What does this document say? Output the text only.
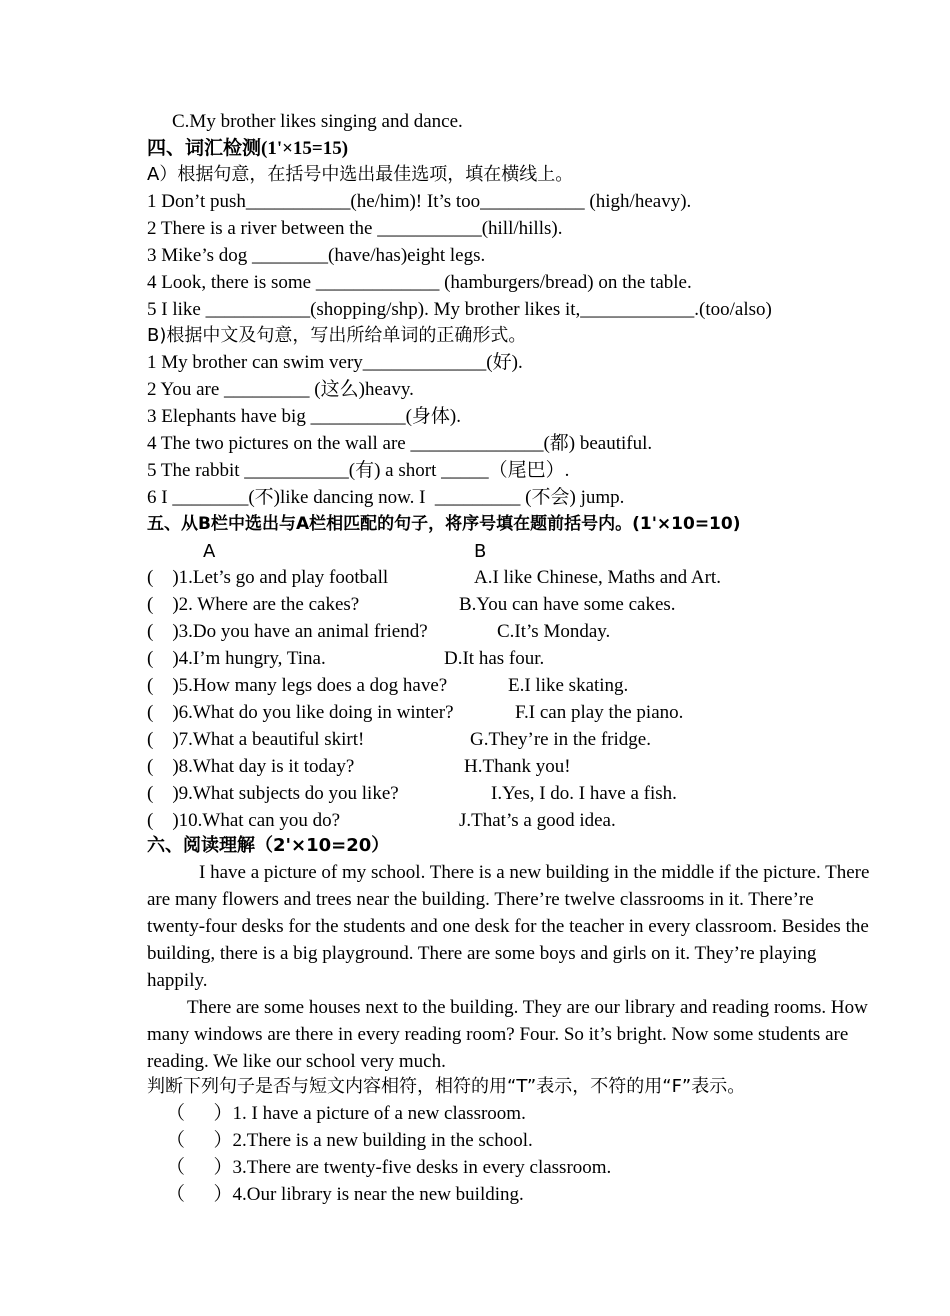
C.My brother likes singing and dance.
四、词汇检测(1'×15=15)
A）根据句意，在括号中选出最佳选项，填在横线上。
1 Don’t push___________(he/him)! It’s too___________ (high/heavy).
2 There is a river between the ___________(hill/hills).
3 Mike’s dog ________(have/has)eight legs.
4 Look, there is some _____________ (hamburgers/bread) on the table.
5 I like ___________(shopping/shp). My brother likes it,____________.(too/also)
B)根据中文及句意，写出所给单词的正确形式。
1 My brother can swim very_____________(好).
2 You are _________ (这么)heavy.
3 Elephants have big __________(身体).
4 The two pictures on the wall are ______________(都) beautiful.
5 The rabbit ___________(有) a short _____（尾巴）.
6 I ________(不)like dancing now. I  _________ (不会) jump.
五、从B栏中选出与A栏相匹配的句子，将序号填在题前括号内。(1'×10=10)
A	B
(    )1.Let’s go and play football	A.I like Chinese, Maths and Art.
(    )2. Where are the cakes?	B.You can have some cakes.
(    )3.Do you have an animal friend?	C.It’s Monday.
(    )4.I’m hungry, Tina.	D.It has four.
(    )5.How many legs does a dog have?	E.I like skating.
(    )6.What do you like doing in winter?	F.I can play the piano.
(    )7.What a beautiful skirt!	G.They’re in the fridge.
(    )8.What day is it today?	H.Thank you!
(    )9.What subjects do you like?	I.Yes, I do. I have a fish.
(    )10.What can you do?	J.That’s a good idea.
六、阅读理解（2'×10=20）
I have a picture of my school. There is a new building in the middle if the picture. There are many flowers and trees near the building. There’re twelve classrooms in it. There’re twenty-four desks for the students and one desk for the teacher in every classroom. Besides the building, there is a big playground. There are some boys and girls on it. They’re playing happily.
There are some houses next to the building. They are our library and reading rooms. How many windows are there in every reading room? Four. So it’s bright. Now some students are reading. We like our school very much.
判断下列句子是否与短文内容相符，相符的用“T”表示，不符的用“F”表示。
（      ）1. I have a picture of a new classroom.
（      ）2.There is a new building in the school.
（      ）3.There are twenty-five desks in every classroom.
（      ）4.Our library is near the new building.
